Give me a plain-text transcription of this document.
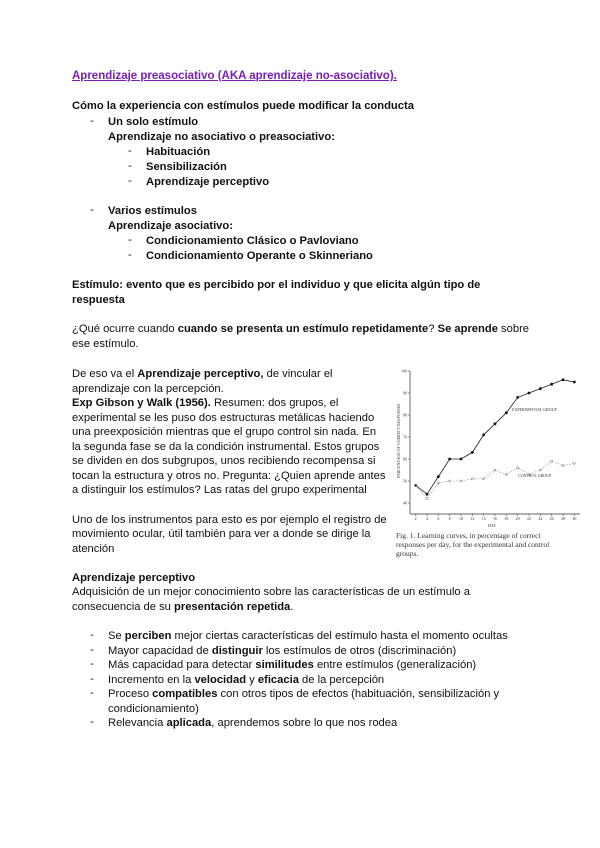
Aprendizaje preasociativo (AKA aprendizaje no-asociativo).
Cómo la experiencia con estímulos puede modificar la conducta
- Un solo estímulo
Aprendizaje no asociativo o preasociativo:
- Habituación
- Sensibilización
- Aprendizaje perceptivo
- Varios estímulos
Aprendizaje asociativo:
- Condicionamiento Clásico o Pavloviano
- Condicionamiento Operante o Skinneriano
Estímulo: evento que es percibido por el individuo y que elicita algún tipo de
respuesta
¿Qué ocurre cuando cuando se presenta un estímulo repetidamente? Se aprende sobre
ese estímulo.
De eso va el Aprendizaje perceptivo, de vincular el
aprendizaje con la percepción.
Exp Gibson y Walk (1956). Resumen: dos grupos, el
experimental se les puso dos estructuras metálicas haciendo
una preexposición mientras que el grupo control sin nada. En
la segunda fase se da la condición instrumental. Estos grupos
se dividen en dos subgrupos, unos recibiendo recompensa si
tocan la estructura y otros no. Pregunta: ¿Quien aprende antes
a distinguir los estímulos? Las ratas del grupo experimental
Uno de los instrumentos para esto es por ejemplo el registro de
movimiento ocular, útil también para ver a donde se dirige la
atención
PERCENTAGE OF CORRECT RESPONSES
DAY
EXPERIMENTAL GROUP
CONTROL GROUP
100
90
80
70
60
50
40
2 4 6 8 10 12 14 16 18 20 22 24 26 28 30
Fig. 1. Learning curves, in percentage of correct
responses per day, for the experimental and control
groups.
Aprendizaje perceptivo
Adquisición de un mejor conocimiento sobre las características de un estímulo a
consecuencia de su presentación repetida.
- Se perciben mejor ciertas características del estímulo hasta el momento ocultas
- Mayor capacidad de distinguir los estímulos de otros (discriminación)
- Más capacidad para detectar similitudes entre estímulos (generalización)
- Incremento en la velocidad y eficacia de la percepción
- Proceso compatibles con otros tipos de efectos (habituación, sensibilización y
condicionamiento)
- Relevancia aplicada, aprendemos sobre lo que nos rodea
